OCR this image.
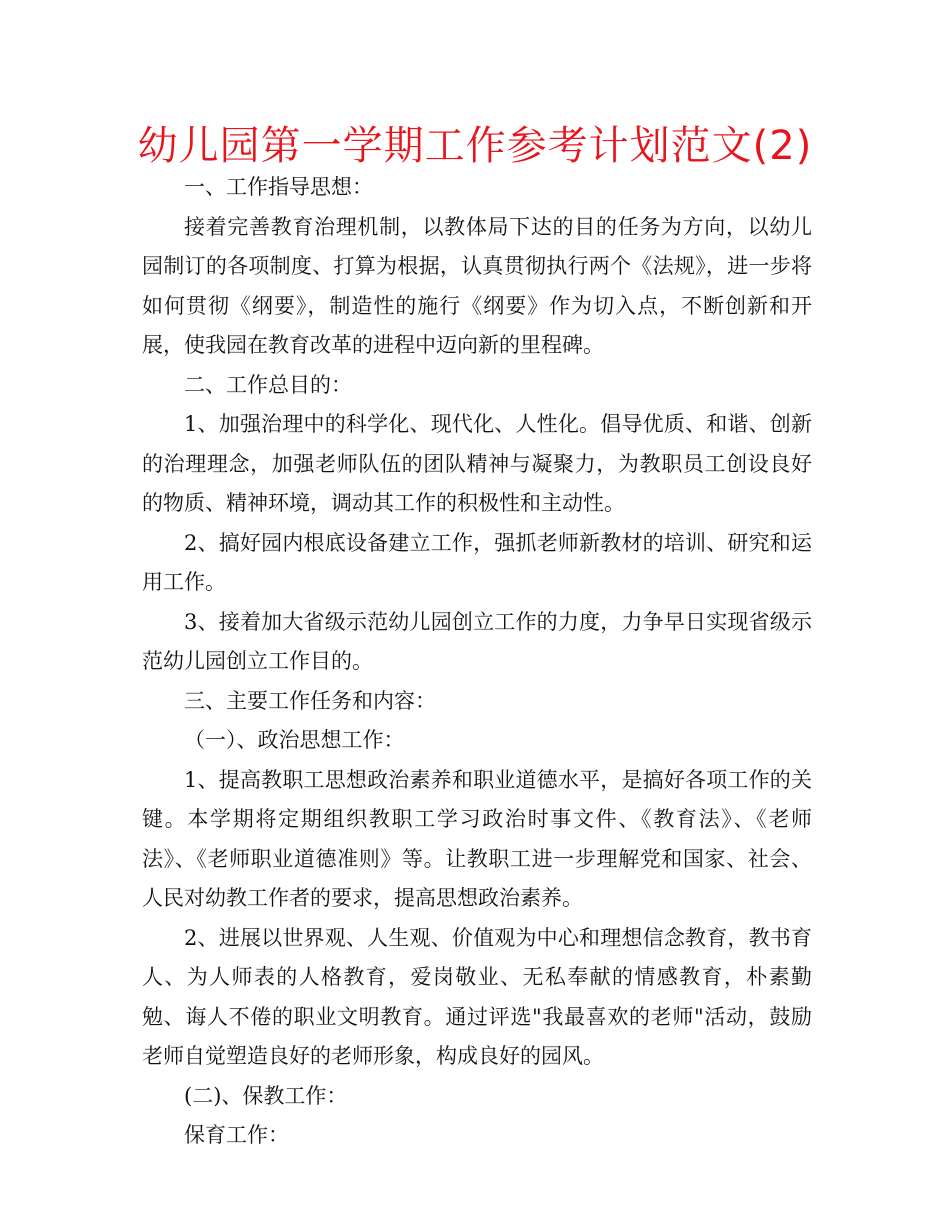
幼儿园第一学期工作参考计划范文(2)

一、工作指导思想：

接着完善教育治理机制，以教体局下达的目的任务为方向，以幼儿园制订的各项制度、打算为根据，认真贯彻执行两个《法规》，进一步将如何贯彻《纲要》，制造性的施行《纲要》作为切入点，不断创新和开展，使我园在教育改革的进程中迈向新的里程碑。

二、工作总目的：

1、加强治理中的科学化、现代化、人性化。倡导优质、和谐、创新的治理理念，加强老师队伍的团队精神与凝聚力，为教职员工创设良好的物质、精神环境，调动其工作的积极性和主动性。

2、搞好园内根底设备建立工作，强抓老师新教材的培训、研究和运用工作。

3、接着加大省级示范幼儿园创立工作的力度，力争早日实现省级示范幼儿园创立工作目的。

三、主要工作任务和内容：

（一）、政治思想工作：

1、提高教职工思想政治素养和职业道德水平，是搞好各项工作的关键。本学期将定期组织教职工学习政治时事文件、《教育法》、《老师法》、《老师职业道德准则》等。让教职工进一步理解党和国家、社会、人民对幼教工作者的要求，提高思想政治素养。

2、进展以世界观、人生观、价值观为中心和理想信念教育，教书育人、为人师表的人格教育，爱岗敬业、无私奉献的情感教育，朴素勤勉、诲人不倦的职业文明教育。通过评选"我最喜欢的老师"活动，鼓励老师自觉塑造良好的老师形象，构成良好的园风。

(二)、保教工作：

保育工作：
